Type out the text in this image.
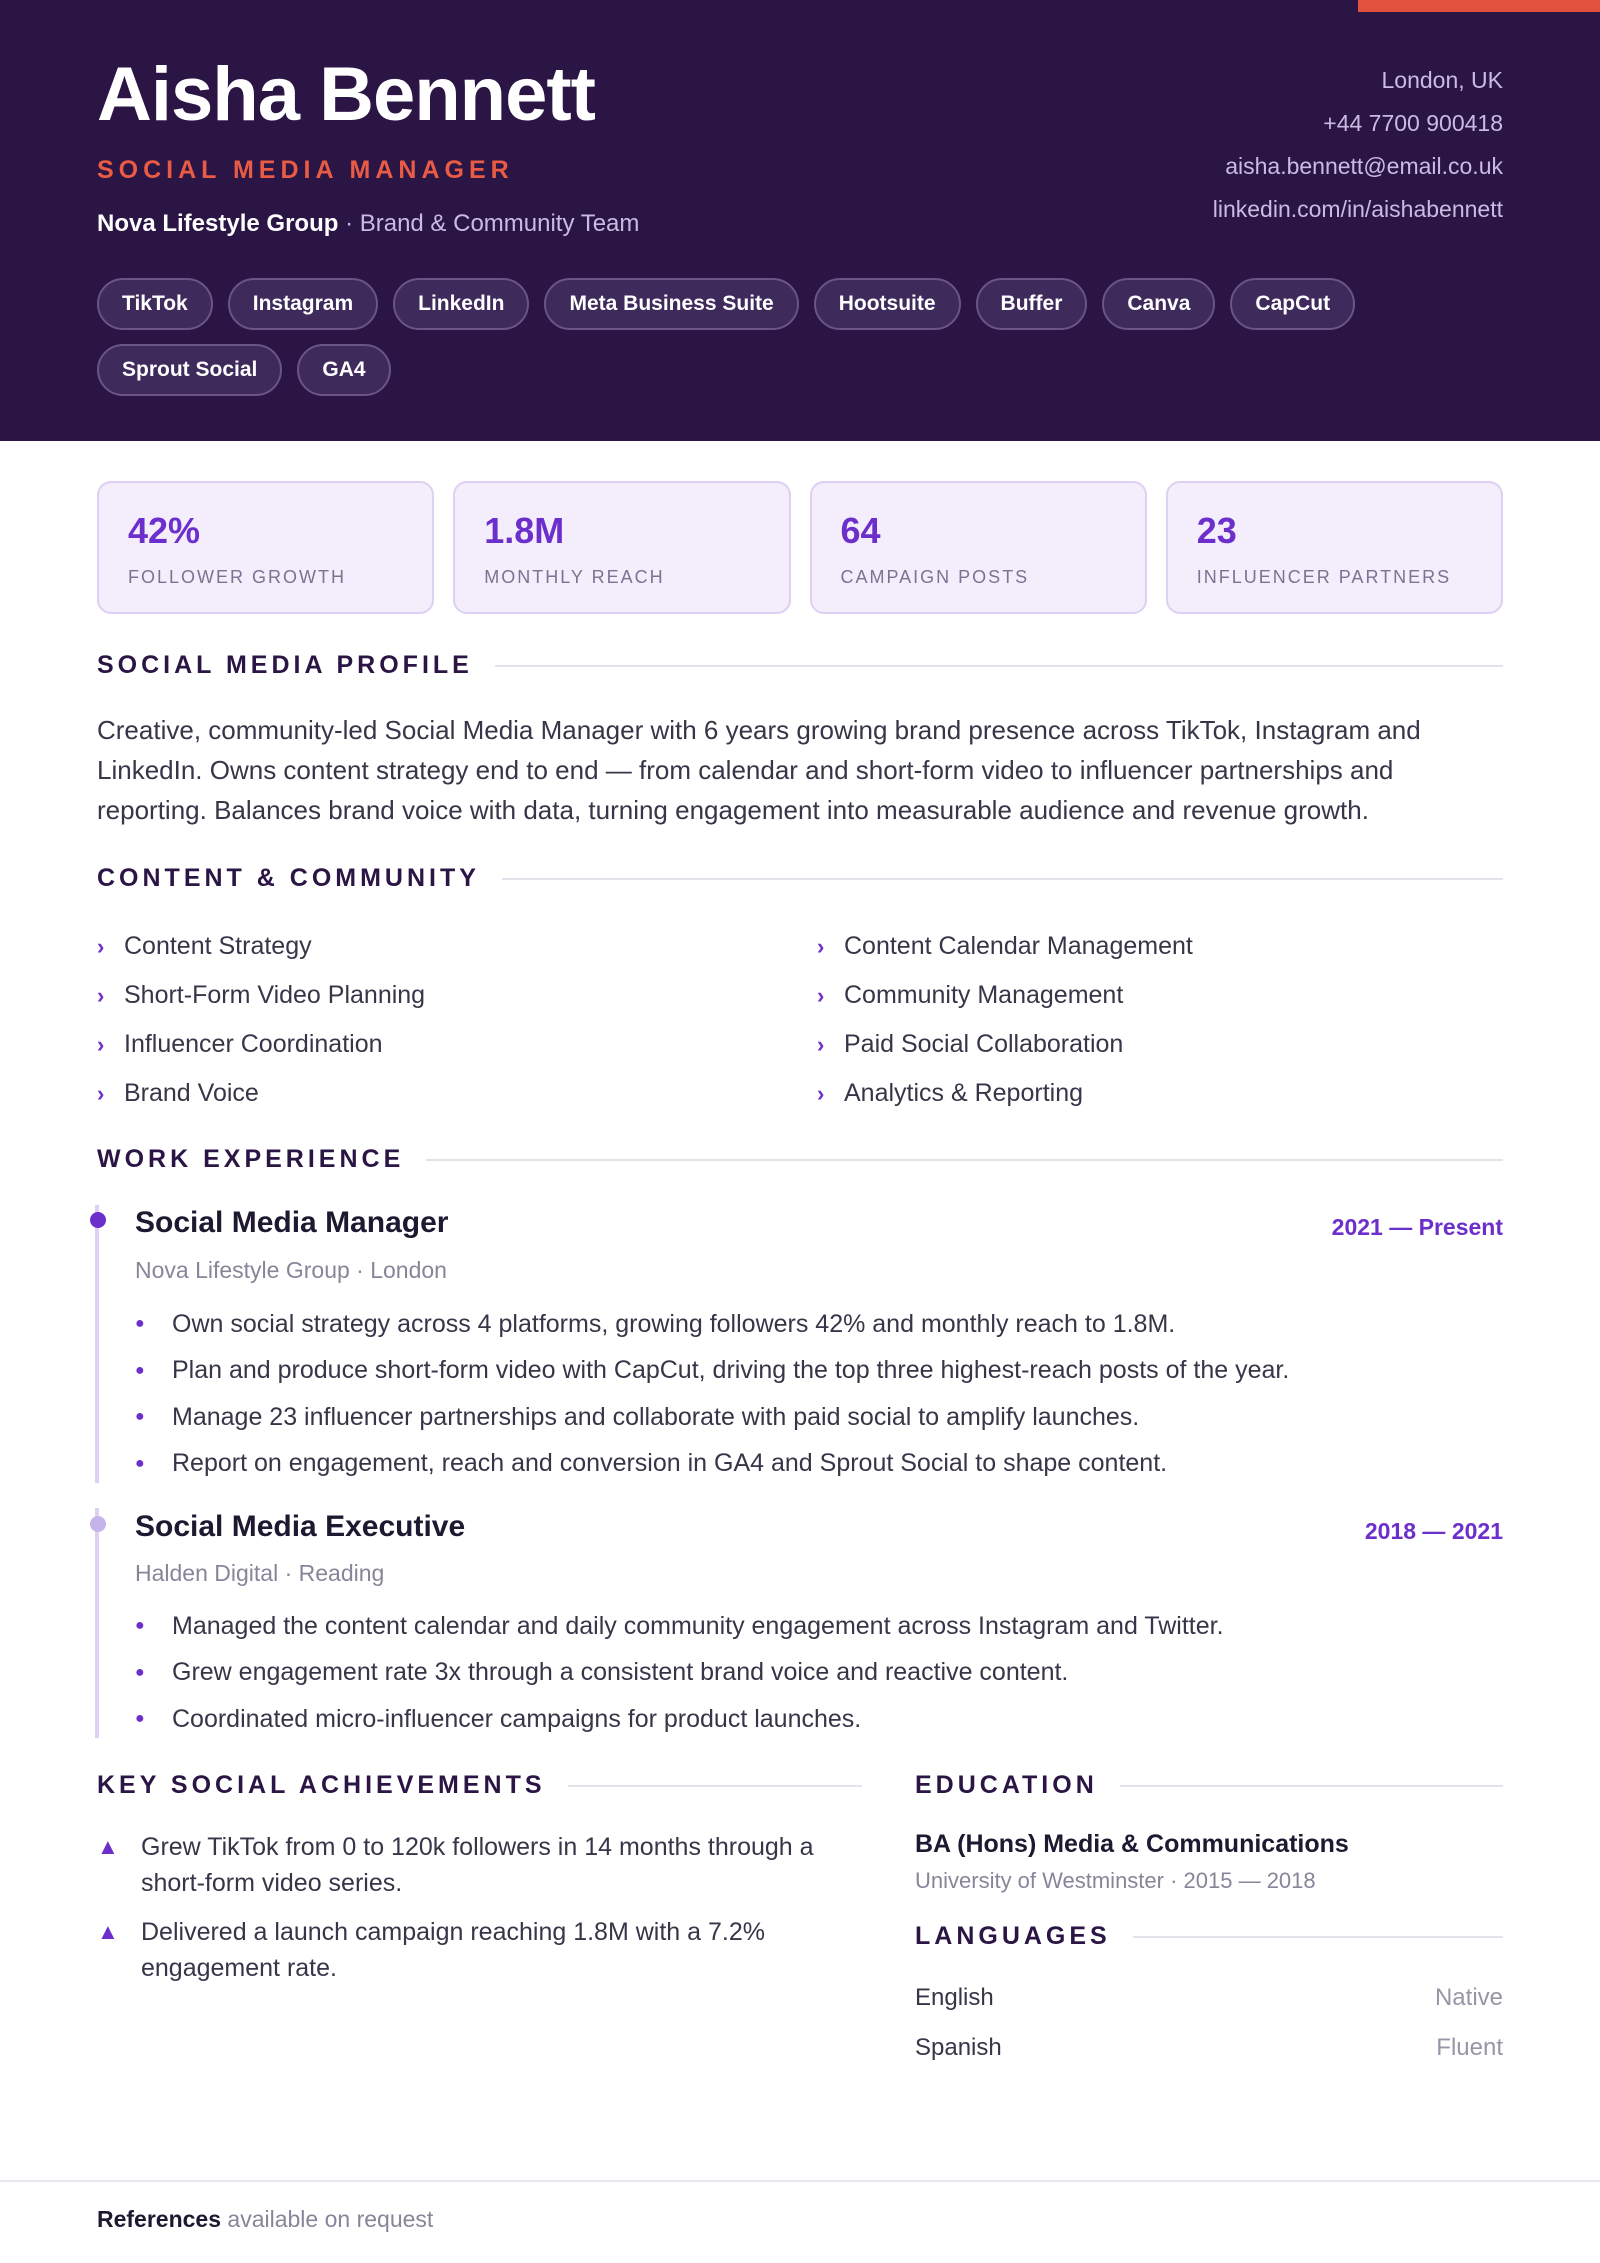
Aisha Bennett
SOCIAL MEDIA MANAGER
Nova Lifestyle Group · Brand & Community Team
London, UK
+44 7700 900418
aisha.bennett@email.co.uk
linkedin.com/in/aishabennett
TikTok	Instagram	LinkedIn	Meta Business Suite	Hootsuite	Buffer	Canva	CapCut
Sprout Social	GA4
42%
FOLLOWER GROWTH
1.8M
MONTHLY REACH
64
CAMPAIGN POSTS
23
INFLUENCER PARTNERS
SOCIAL MEDIA PROFILE

Creative, community-led Social Media Manager with 6 years growing brand presence across TikTok, Instagram and LinkedIn. Owns content strategy end to end — from calendar and short-form video to influencer partnerships and reporting. Balances brand voice with data, turning engagement into measurable audience and revenue growth.

CONTENT & COMMUNITY
› Content Strategy	› Content Calendar Management
› Short-Form Video Planning	› Community Management
› Influencer Coordination	› Paid Social Collaboration
› Brand Voice	› Analytics & Reporting
WORK EXPERIENCE
Social Media Manager	2021 — Present
Nova Lifestyle Group · London
●	Own social strategy across 4 platforms, growing followers 42% and monthly reach to 1.8M.
●	Plan and produce short-form video with CapCut, driving the top three highest-reach posts of the year.
●	Manage 23 influencer partnerships and collaborate with paid social to amplify launches.
●	Report on engagement, reach and conversion in GA4 and Sprout Social to shape content.
Social Media Executive	2018 — 2021
Halden Digital · Reading
●	Managed the content calendar and daily community engagement across Instagram and Twitter.
●	Grew engagement rate 3x through a consistent brand voice and reactive content.
●	Coordinated micro-influencer campaigns for product launches.
KEY SOCIAL ACHIEVEMENTS
▲ Grew TikTok from 0 to 120k followers in 14 months through a short-form video series.
▲ Delivered a launch campaign reaching 1.8M with a 7.2% engagement rate.
EDUCATION
BA (Hons) Media & Communications
University of Westminster · 2015 — 2018
LANGUAGES
English	Native
Spanish	Fluent
References available on request
